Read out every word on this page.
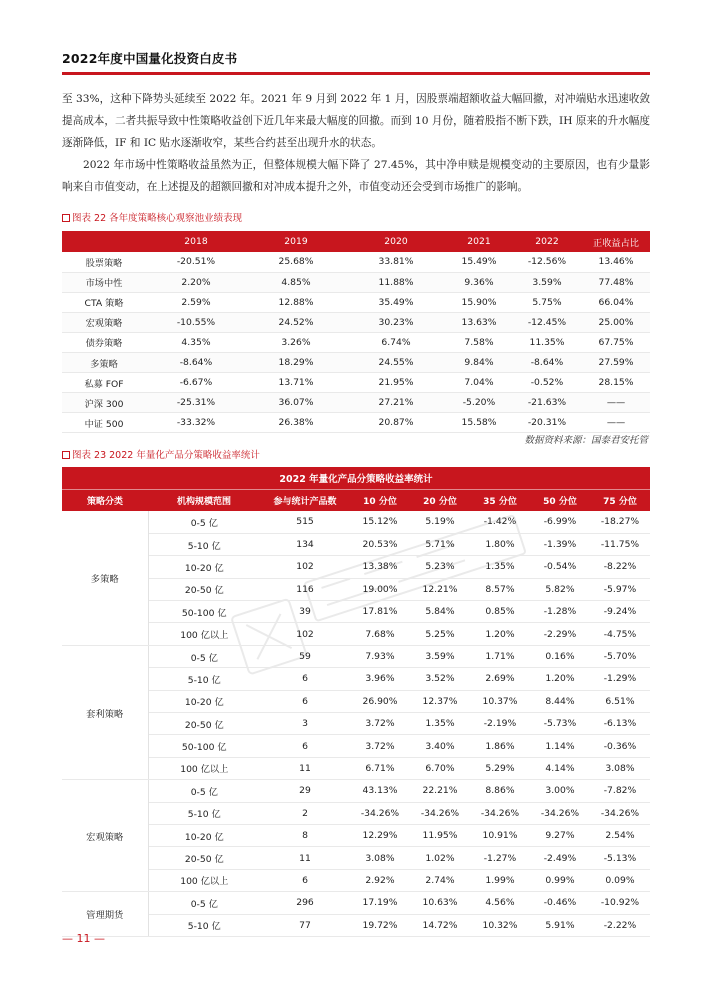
2022年度中国量化投资白皮书

至 33%，这种下降势头延续至 2022 年。2021 年 9 月到 2022 年 1 月，因股票端超额收益大幅回撤，对冲端贴水迅速收敛提高成本，二者共振导致中性策略收益创下近几年来最大幅度的回撤。而到 10 月份，随着股指不断下跌，IH 原来的升水幅度逐渐降低，IF 和 IC 贴水逐渐收窄，某些合约甚至出现升水的状态。

2022 年市场中性策略收益虽然为正，但整体规模大幅下降了 27.45%，其中净申赎是规模变动的主要原因，也有少量影响来自市值变动，在上述提及的超额回撤和对冲成本提升之外，市值变动还会受到市场推广的影响。

图表 22 各年度策略核心观察池业绩表现
	2018	2019	2020	2021	2022	正收益占比
股票策略	-20.51%	25.68%	33.81%	15.49%	-12.56%	13.46%
市场中性	2.20%	4.85%	11.88%	9.36%	3.59%	77.48%
CTA 策略	2.59%	12.88%	35.49%	15.90%	5.75%	66.04%
宏观策略	-10.55%	24.52%	30.23%	13.63%	-12.45%	25.00%
债券策略	4.35%	3.26%	6.74%	7.58%	11.35%	67.75%
多策略	-8.64%	18.29%	24.55%	9.84%	-8.64%	27.59%
私募 FOF	-6.67%	13.71%	21.95%	7.04%	-0.52%	28.15%
沪深 300	-25.31%	36.07%	27.21%	-5.20%	-21.63%	——
中证 500	-33.32%	26.38%	20.87%	15.58%	-20.31%	——
数据资料来源：国泰君安托管
图表 23 2022 年量化产品分策略收益率统计
2022 年量化产品分策略收益率统计							
策略分类	机构规模范围	参与统计产品数	10 分位	20 分位	35 分位	50 分位	75 分位
多策略	0-5 亿	515	15.12%	5.19%	-1.42%	-6.99%	-18.27%
	5-10 亿	134	20.53%	5.71%	1.80%	-1.39%	-11.75%
	10-20 亿	102	13.38%	5.23%	1.35%	-0.54%	-8.22%
	20-50 亿	116	19.00%	12.21%	8.57%	5.82%	-5.97%
	50-100 亿	39	17.81%	5.84%	0.85%	-1.28%	-9.24%
	100 亿以上	102	7.68%	5.25%	1.20%	-2.29%	-4.75%
套利策略	0-5 亿	59	7.93%	3.59%	1.71%	0.16%	-5.70%
	5-10 亿	6	3.96%	3.52%	2.69%	1.20%	-1.29%
	10-20 亿	6	26.90%	12.37%	10.37%	8.44%	6.51%
	20-50 亿	3	3.72%	1.35%	-2.19%	-5.73%	-6.13%
	50-100 亿	6	3.72%	3.40%	1.86%	1.14%	-0.36%
	100 亿以上	11	6.71%	6.70%	5.29%	4.14%	3.08%
宏观策略	0-5 亿	29	43.13%	22.21%	8.86%	3.00%	-7.82%
	5-10 亿	2	-34.26%	-34.26%	-34.26%	-34.26%	-34.26%
	10-20 亿	8	12.29%	11.95%	10.91%	9.27%	2.54%
	20-50 亿	11	3.08%	1.02%	-1.27%	-2.49%	-5.13%
	100 亿以上	6	2.92%	2.74%	1.99%	0.99%	0.09%
管理期货	0-5 亿	296	17.19%	10.63%	4.56%	-0.46%	-10.92%
	5-10 亿	77	19.72%	14.72%	10.32%	5.91%	-2.22%
— 11 —
